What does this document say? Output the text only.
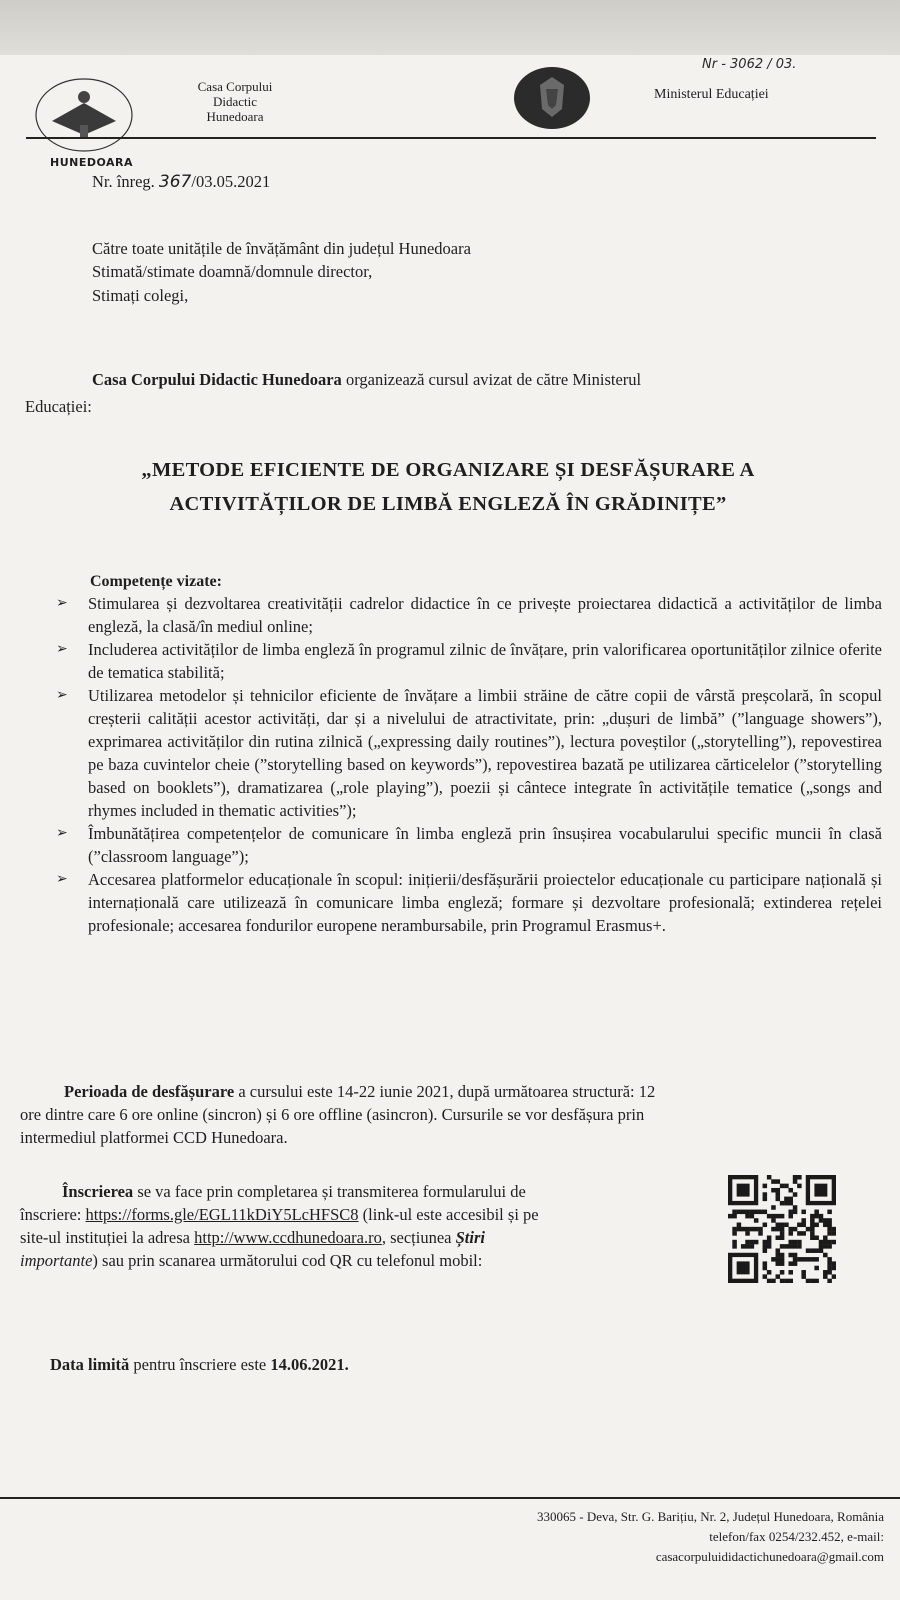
HUNEDOARA
Casa Corpului
Didactic
Hunedoara
Ministerul Educației
Nr - 3062 / 03.
Nr. înreg. 367/03.05.2021
Către toate unitățile de învățământ din județul Hunedoara
Stimată/stimate doamnă/domnule director,
Stimați colegi,
Casa Corpului Didactic Hunedoara organizează cursul avizat de către Ministerul
Educației:
„METODE EFICIENTE DE ORGANIZARE ȘI DESFĂȘURARE A
ACTIVITĂȚILOR DE LIMBĂ ENGLEZĂ ÎN GRĂDINIȚE”
Competențe vizate:
➢ Stimularea și dezvoltarea creativității cadrelor didactice în ce privește proiectarea didactică a activităților de limba engleză, la clasă/în mediul online;
➢ Includerea activităților de limba engleză în programul zilnic de învățare, prin valorificarea oportunităților zilnice oferite de tematica stabilită;
➢ Utilizarea metodelor și tehnicilor eficiente de învățare a limbii străine de către copii de vârstă preșcolară, în scopul creșterii calității acestor activități, dar și a nivelului de atractivitate, prin: „dușuri de limbă” (”language showers”), exprimarea activităților din rutina zilnică („expressing daily routines”), lectura poveștilor („storytelling”), repovestirea pe baza cuvintelor cheie (”storytelling based on keywords”), repovestirea bazată pe utilizarea cărticelelor (”storytelling based on booklets”), dramatizarea („role playing”), poezii și cântece integrate în activitățile tematice („songs and rhymes included in thematic activities”);
➢ Îmbunătățirea competențelor de comunicare în limba engleză prin însușirea vocabularului specific muncii în clasă (”classroom language”);
➢ Accesarea platformelor educaționale în scopul: inițierii/desfășurării proiectelor educaționale cu participare națională și internațională care utilizează în comunicare limba engleză; formare și dezvoltare profesională; extinderea rețelei profesionale; accesarea fondurilor europene nerambursabile, prin Programul Erasmus+.
Perioada de desfășurare a cursului este 14-22 iunie 2021, după următoarea structură: 12
ore dintre care 6 ore online (sincron) și 6 ore offline (asincron). Cursurile se vor desfășura prin
intermediul platformei CCD Hunedoara.
Înscrierea se va face prin completarea și transmiterea formularului de
înscriere: https://forms.gle/EGL11kDiY5LcHFSC8 (link-ul este accesibil și pe
site-ul instituției la adresa http://www.ccdhunedoara.ro, secțiunea Știri
importante) sau prin scanarea următorului cod QR cu telefonul mobil:
Data limită pentru înscriere este 14.06.2021.
330065 - Deva, Str. G. Barițiu, Nr. 2, Județul Hunedoara, România
telefon/fax 0254/232.452, e-mail:
casacorpuluididactichunedoara@gmail.com
